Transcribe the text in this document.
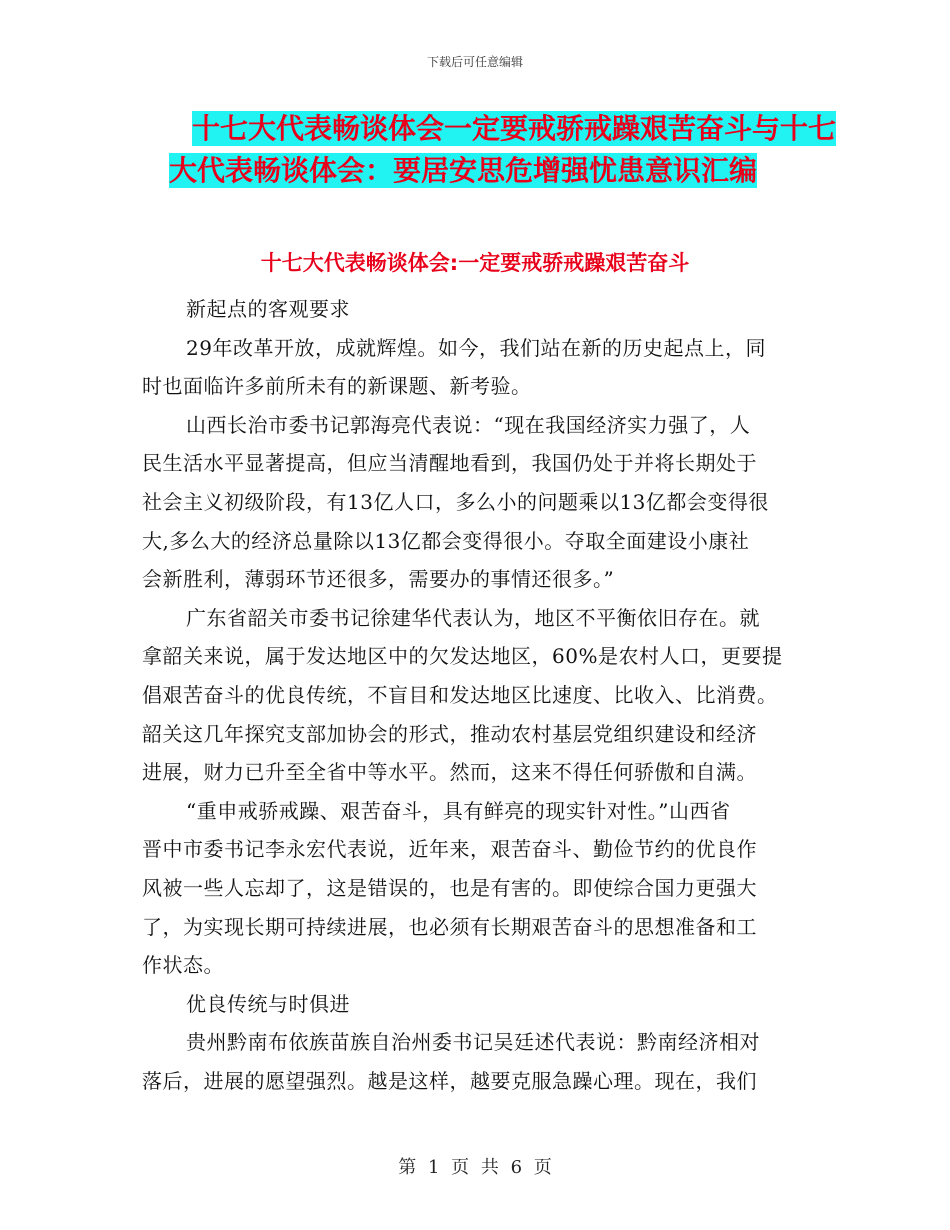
下载后可任意编辑
十七大代表畅谈体会一定要戒骄戒躁艰苦奋斗与十七
大代表畅谈体会：要居安思危增强忧患意识汇编
十七大代表畅谈体会:一定要戒骄戒躁艰苦奋斗
新起点的客观要求
29年改革开放，成就辉煌。如今，我们站在新的历史起点上，同
时也面临许多前所未有的新课题、新考验。
山西长治市委书记郭海亮代表说：“现在我国经济实力强了，人
民生活水平显著提高，但应当清醒地看到，我国仍处于并将长期处于
社会主义初级阶段，有13亿人口，多么小的问题乘以13亿都会变得很
大,多么大的经济总量除以13亿都会变得很小。夺取全面建设小康社
会新胜利，薄弱环节还很多，需要办的事情还很多。”
广东省韶关市委书记徐建华代表认为，地区不平衡依旧存在。就
拿韶关来说，属于发达地区中的欠发达地区，60%是农村人口，更要提
倡艰苦奋斗的优良传统，不盲目和发达地区比速度、比收入、比消费。
韶关这几年探究支部加协会的形式，推动农村基层党组织建设和经济
进展，财力已升至全省中等水平。然而，这来不得任何骄傲和自满。
“重申戒骄戒躁、艰苦奋斗，具有鲜亮的现实针对性。”山西省
晋中市委书记李永宏代表说，近年来，艰苦奋斗、勤俭节约的优良作
风被一些人忘却了，这是错误的，也是有害的。即使综合国力更强大
了，为实现长期可持续进展，也必须有长期艰苦奋斗的思想准备和工
作状态。
优良传统与时俱进
贵州黔南布依族苗族自治州委书记吴廷述代表说：黔南经济相对
落后，进展的愿望强烈。越是这样，越要克服急躁心理。现在，我们
第 1 页 共 6 页
